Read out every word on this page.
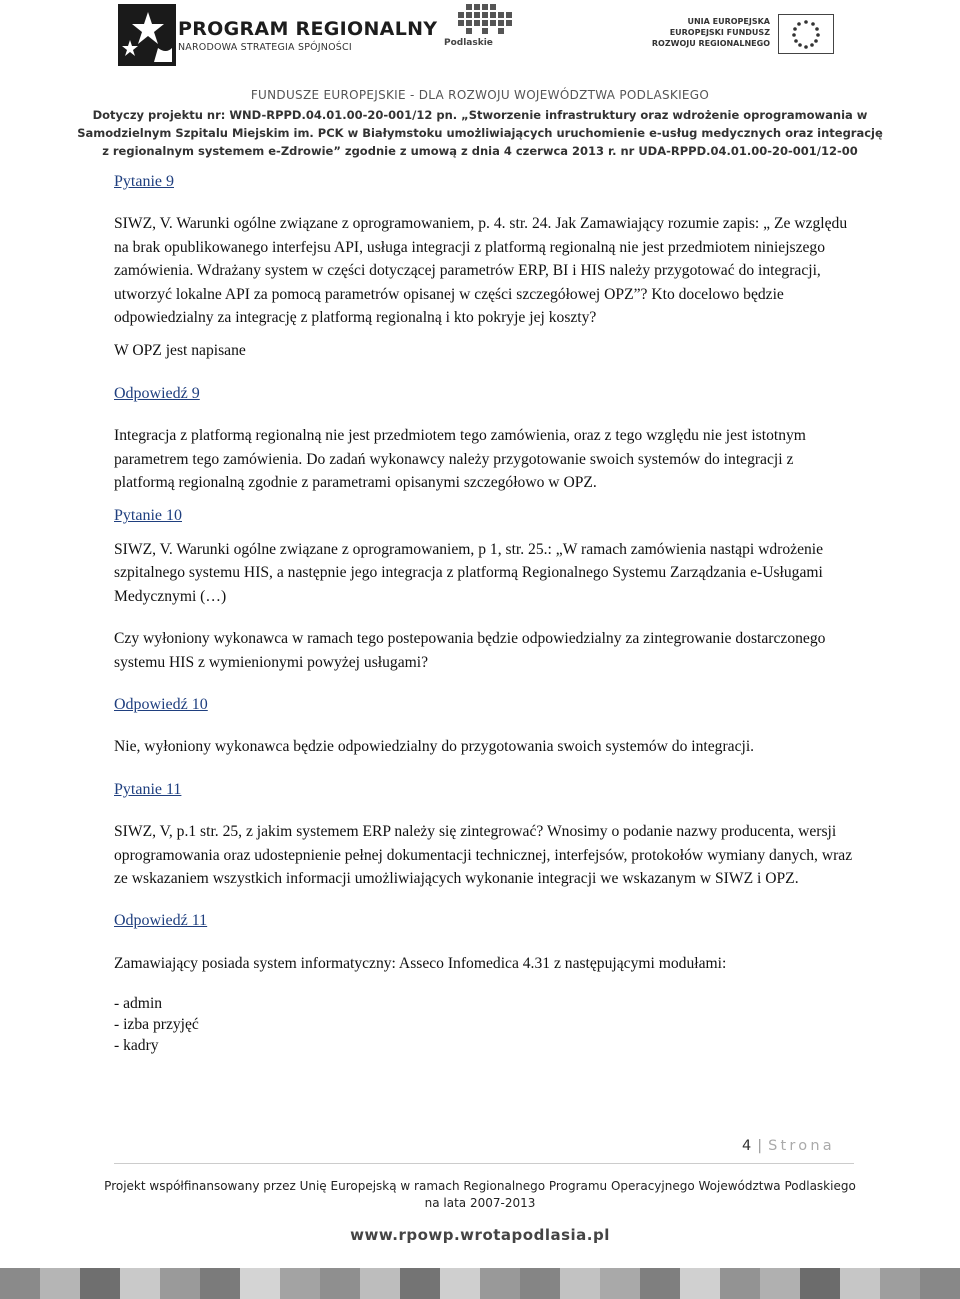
PROGRAM REGIONALNY
NARODOWA STRATEGIA SPÓJNOŚCI	Podlaskie
UNIA EUROPEJSKA
EUROPEJSKI FUNDUSZ
ROZWOJU REGIONALNEGO
FUNDUSZE EUROPEJSKIE - DLA ROZWOJU WOJEWÓDZTWA PODLASKIEGO
Dotyczy projektu nr: WND-RPPD.04.01.00-20-001/12 pn. „Stworzenie infrastruktury oraz wdrożenie oprogramowania w
Samodzielnym Szpitalu Miejskim im. PCK w Białymstoku umożliwiających uruchomienie e-usług medycznych oraz integrację
z regionalnym systemem e-Zdrowie” zgodnie z umową z dnia 4 czerwca 2013 r. nr UDA-RPPD.04.01.00-20-001/12-00

Pytanie 9

SIWZ, V. Warunki ogólne związane z oprogramowaniem, p. 4. str. 24. Jak Zamawiający rozumie zapis: „ Ze względu na brak opublikowanego interfejsu API, usługa integracji z platformą regionalną nie jest przedmiotem niniejszego zamówienia. Wdrażany system w części dotyczącej parametrów ERP, BI i HIS należy przygotować do integracji, utworzyć lokalne API za pomocą parametrów opisanej w części szczegółowej OPZ”? Kto docelowo będzie odpowiedzialny za integrację z platformą regionalną i kto pokryje jej koszty?

W OPZ jest napisane

Odpowiedź 9

Integracja z platformą regionalną nie jest przedmiotem tego zamówienia, oraz z tego względu nie jest istotnym parametrem tego zamówienia. Do zadań wykonawcy należy przygotowanie swoich systemów do integracji z platformą regionalną zgodnie z parametrami opisanymi szczegółowo w OPZ.

Pytanie 10

SIWZ, V. Warunki ogólne związane z oprogramowaniem, p 1, str. 25.: „W ramach zamówienia nastąpi wdrożenie szpitalnego systemu HIS, a następnie jego integracja z platformą Regionalnego Systemu Zarządzania e-Usługami Medycznymi (…)

Czy wyłoniony wykonawca w ramach tego postepowania będzie odpowiedzialny za zintegrowanie dostarczonego systemu HIS z wymienionymi powyżej usługami?

Odpowiedź 10

Nie, wyłoniony wykonawca będzie odpowiedzialny do przygotowania swoich systemów do integracji.

Pytanie 11

SIWZ, V, p.1 str. 25, z jakim systemem ERP należy się zintegrować? Wnosimy o podanie nazwy producenta, wersji oprogramowania oraz udostepnienie pełnej dokumentacji technicznej, interfejsów, protokołów wymiany danych, wraz ze wskazaniem wszystkich informacji umożliwiających wykonanie integracji we wskazanym w SIWZ i OPZ.

Odpowiedź 11

Zamawiający posiada system informatyczny: Asseco Infomedica 4.31 z następującymi modułami:

- admin
- izba przyjęć
- kadry
4 | Strona
Projekt współfinansowany przez Unię Europejską w ramach Regionalnego Programu Operacyjnego Województwa Podlaskiego
na lata 2007-2013
www.rpowp.wrotapodlasia.pl
